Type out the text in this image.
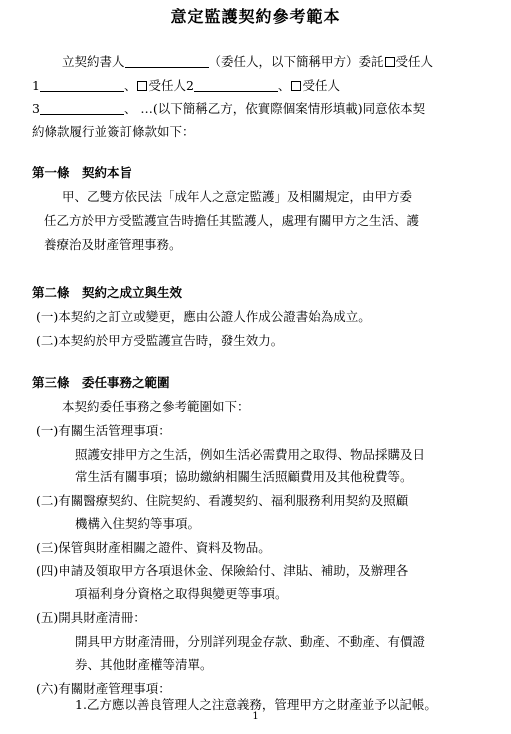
意定監護契約參考範本
立契約書人	（委任人，以下簡稱甲方）委託 受任人
1	、 受任人2	、 受任人
3	、 …(以下簡稱乙方，依實際個案情形填載)同意依本契
約條款履行並簽訂條款如下：
第一條　契約本旨
甲、乙雙方依民法「成年人之意定監護」及相關規定，由甲方委
任乙方於甲方受監護宣告時擔任其監護人，處理有關甲方之生活、護
養療治及財產管理事務。
第二條　契約之成立與生效
(一)本契約之訂立或變更，應由公證人作成公證書始為成立。
(二)本契約於甲方受監護宣告時，發生效力。
第三條　委任事務之範圍
本契約委任事務之參考範圍如下：
(一)有關生活管理事項：
照護安排甲方之生活，例如生活必需費用之取得、物品採購及日
常生活有關事項；協助繳納相關生活照顧費用及其他稅費等。
(二)有關醫療契約、住院契約、看護契約、福利服務利用契約及照顧
機構入住契約等事項。
(三)保管與財產相關之證件、資料及物品。
(四)申請及領取甲方各項退休金、保險給付、津貼、補助，及辦理各
項福利身分資格之取得與變更等事項。
(五)開具財產清冊：
開具甲方財產清冊，分別詳列現金存款、動產、不動產、有價證
券、其他財產權等清單。
(六)有關財產管理事項：
1.乙方應以善良管理人之注意義務，管理甲方之財產並予以記帳。
1
